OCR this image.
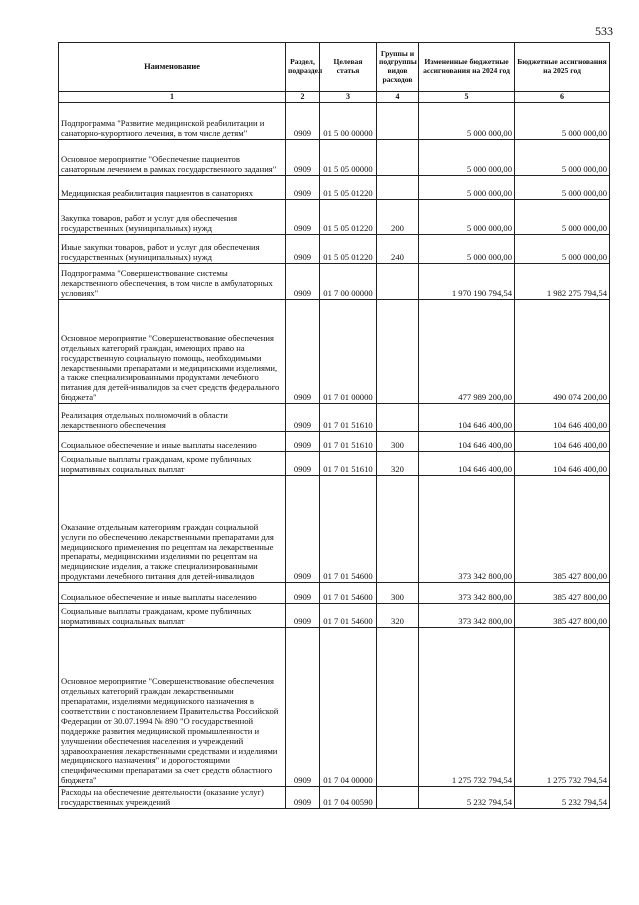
533
Наименование	Раздел, подраздел	Целевая статья	Группы и подгруппы видов расходов	Измененные бюджетные ассигнования на 2024 год	Бюджетные ассигнования на 2025 год
1	2	3	4	5	6
Подпрограмма "Развитие медицинской реабилитации и санаторно-курортного лечения, в том числе детям"	0909	01 5 00 00000		5 000 000,00	5 000 000,00
Основное мероприятие "Обеспечение пациентов санаторным лечением в рамках государственного задания"	0909	01 5 05 00000		5 000 000,00	5 000 000,00
Медицинская реабилитация пациентов в санаториях	0909	01 5 05 01220		5 000 000,00	5 000 000,00
Закупка товаров, работ и услуг для обеспечения государственных (муниципальных) нужд	0909	01 5 05 01220	200	5 000 000,00	5 000 000,00
Иные закупки товаров, работ и услуг для обеспечения государственных (муниципальных) нужд	0909	01 5 05 01220	240	5 000 000,00	5 000 000,00
Подпрограмма "Совершенствование системы лекарственного обеспечения, в том числе в амбулаторных условиях"	0909	01 7 00 00000		1 970 190 794,54	1 982 275 794,54
Основное мероприятие "Совершенствование обеспечения отдельных категорий граждан, имеющих право на государственную социальную помощь, необходимыми лекарственными препаратами и медицинскими изделиями, а также специализированными продуктами лечебного питания для детей-инвалидов за счет средств федерального бюджета"	0909	01 7 01 00000		477 989 200,00	490 074 200,00
Реализация отдельных полномочий в области лекарственного обеспечения	0909	01 7 01 51610		104 646 400,00	104 646 400,00
Социальное обеспечение и иные выплаты населению	0909	01 7 01 51610	300	104 646 400,00	104 646 400,00
Социальные выплаты гражданам, кроме публичных нормативных социальных выплат	0909	01 7 01 51610	320	104 646 400,00	104 646 400,00
Оказание отдельным категориям граждан социальной услуги по обеспечению лекарственными препаратами для медицинского применения по рецептам на лекарственные препараты, медицинскими изделиями по рецептам на медицинские изделия, а также специализированными продуктами лечебного питания для детей-инвалидов	0909	01 7 01 54600		373 342 800,00	385 427 800,00
Социальное обеспечение и иные выплаты населению	0909	01 7 01 54600	300	373 342 800,00	385 427 800,00
Социальные выплаты гражданам, кроме публичных нормативных социальных выплат	0909	01 7 01 54600	320	373 342 800,00	385 427 800,00
Основное мероприятие "Совершенствование обеспечения отдельных категорий граждан лекарственными препаратами, изделиями медицинского назначения в соответствии с постановлением Правительства Российской Федерации от 30.07.1994 № 890 "О государственной поддержке развития медицинской промышленности и улучшении обеспечения населения и учреждений здравоохранения лекарственными средствами и изделиями медицинского назначения" и дорогостоящими специфическими препаратами за счет средств областного бюджета"	0909	01 7 04 00000		1 275 732 794,54	1 275 732 794,54
Расходы на обеспечение деятельности (оказание услуг) государственных учреждений	0909	01 7 04 00590		5 232 794,54	5 232 794,54
